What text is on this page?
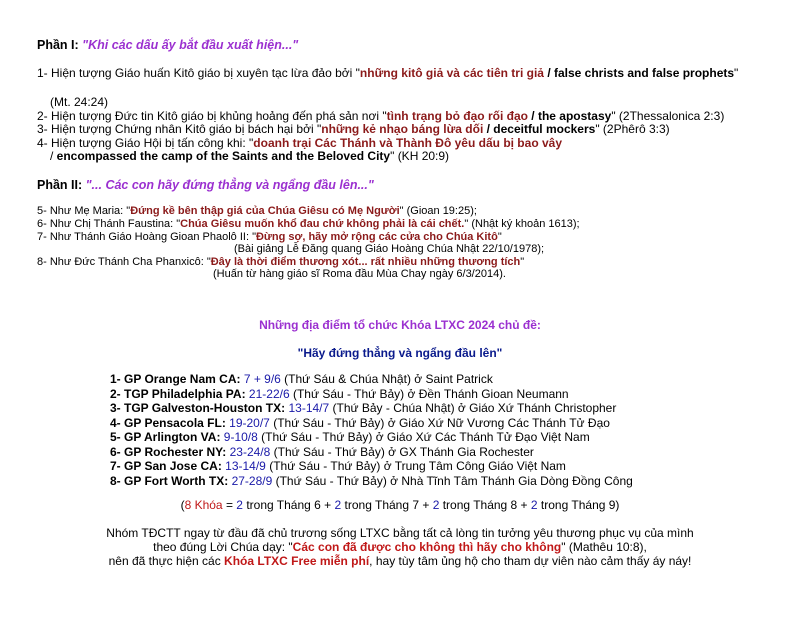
Phần I: "Khi các dấu ấy bắt đầu xuất hiện..."
1- Hiện tượng Giáo huấn Kitô giáo bị xuyên tạc lừa đảo bởi "những kitô giả và các tiên tri giả / false christs and false prophets"
(Mt. 24:24)
2- Hiện tượng Đức tin Kitô giáo bị khủng hoảng đến phá sản nơi "tình trạng bỏ đạo rối đạo / the apostasy" (2Thessalonica 2:3)
3- Hiện tượng Chứng nhân Kitô giáo bị bách hại bởi "những kẻ nhạo báng lừa dối / deceitful mockers" (2Phêrô 3:3)
4- Hiện tượng Giáo Hội bị tấn công khi: "doanh trại Các Thánh và Thành Đô yêu dấu bị bao vây
/ encompassed the camp of the Saints and the Beloved City" (KH 20:9)
Phần II: "... Các con hãy đứng thẳng và ngẩng đầu lên..."
5- Như Mẹ Maria: "Đứng kề bên thập giá của Chúa Giêsu có Mẹ Người" (Gioan 19:25);
6- Như Chị Thánh Faustina: "Chúa Giêsu muốn khổ đau chứ không phải là cái chết." (Nhật ký khoản 1613);
7- Như Thánh Giáo Hoàng Gioan Phaolô II: "Đừng sợ, hãy mở rộng các cửa cho Chúa Kitô"
(Bài giảng Lễ Đăng quang Giáo Hoàng Chúa Nhật 22/10/1978);
8- Như Đức Thánh Cha Phanxicô: "Đây là thời điểm thương xót... rất nhiều những thương tích"
(Huấn từ hàng giáo sĩ Roma đầu Mùa Chay ngày 6/3/2014).
Những địa điểm tổ chức Khóa LTXC 2024 chủ đề:
"Hãy đứng thẳng và ngẩng đầu lên"
1- GP Orange Nam CA: 7 + 9/6 (Thứ Sáu & Chúa Nhật) ở Saint Patrick
2- TGP Philadelphia PA: 21-22/6 (Thứ Sáu - Thứ Bảy) ở Đền Thánh Gioan Neumann
3- TGP Galveston-Houston TX: 13-14/7 (Thứ Bảy - Chúa Nhật) ở Giáo Xứ Thánh Christopher
4- GP Pensacola FL: 19-20/7 (Thứ Sáu - Thứ Bảy) ở Giáo Xứ Nữ Vương Các Thánh Tử Đạo
5- GP Arlington VA: 9-10/8 (Thứ Sáu - Thứ Bảy) ở Giáo Xứ Các Thánh Tử Đạo Việt Nam
6- GP Rochester NY: 23-24/8 (Thứ Sáu - Thứ Bảy) ở GX Thánh Gia Rochester
7- GP San Jose CA: 13-14/9 (Thứ Sáu - Thứ Bảy) ở Trung Tâm Công Giáo Việt Nam
8- GP Fort Worth TX: 27-28/9 (Thứ Sáu - Thứ Bảy) ở Nhà Tĩnh Tâm Thánh Gia Dòng Đồng Công
(8 Khóa = 2 trong Tháng 6 + 2 trong Tháng 7 + 2 trong Tháng 8 + 2 trong Tháng 9)
Nhóm TĐCTT ngay từ đầu đã chủ trương sống LTXC bằng tất cả lòng tin tưởng yêu thương phục vụ của mình
theo đúng Lời Chúa dạy: "Các con đã được cho không thì hãy cho không" (Mathêu 10:8),
nên đã thực hiện các Khóa LTXC Free miễn phí, hay tùy tâm ủng hộ cho tham dự viên nào cảm thấy áy náy!
